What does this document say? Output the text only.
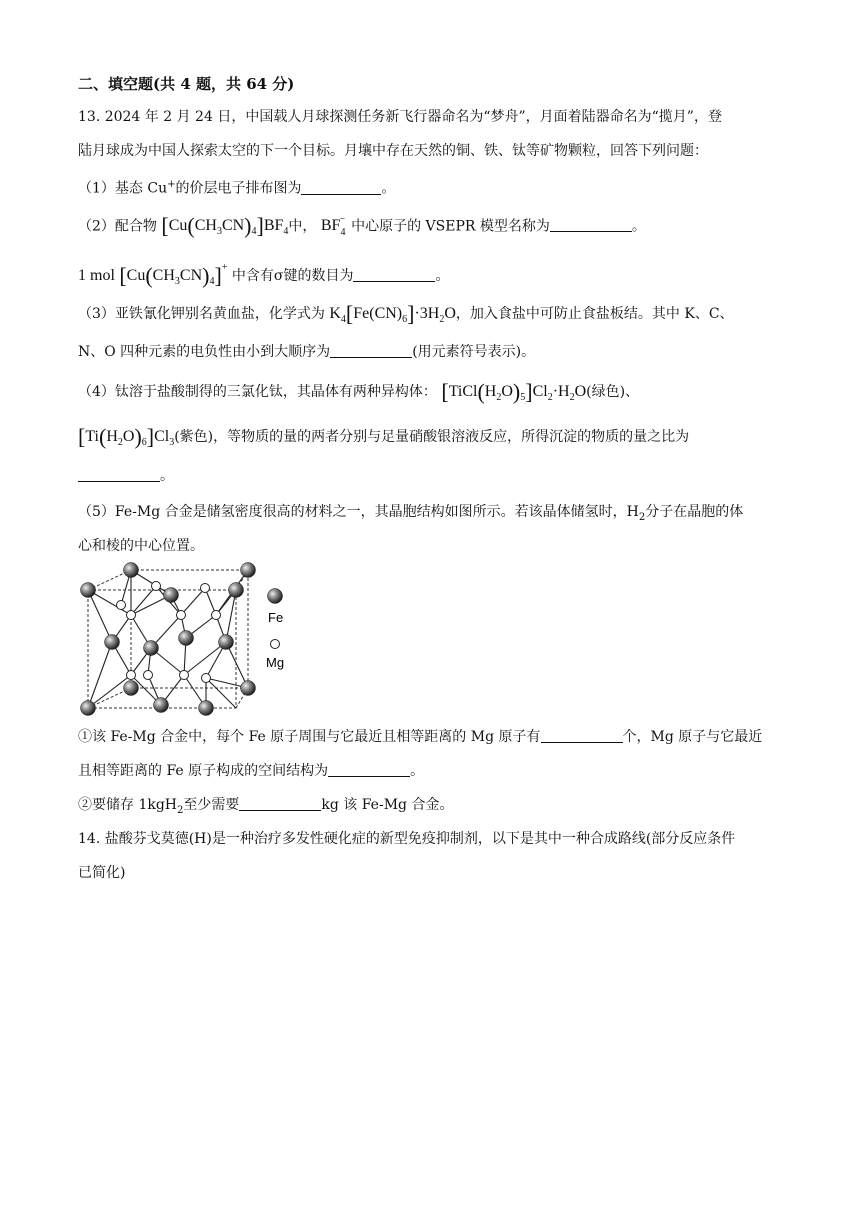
二、填空题(共 4 题，共 64 分)
13. 2024 年 2 月 24 日，中国载人月球探测任务新飞行器命名为“梦舟”，月面着陆器命名为“揽月”，登
陆月球成为中国人探索太空的下一个目标。月壤中存在天然的铜、铁、钛等矿物颗粒，回答下列问题：
（1）基态 Cu+的价层电子排布图为	。
（2）配合物 $[Cu(CH_3CN)_4]BF_4$中， $BF_4^-$ 中心原子的 VSEPR 模型名称为	。
1 mol $[Cu(CH_3CN)_4]^+$ 中含有σ键的数目为	。
（3）亚铁氰化钾别名黄血盐，化学式为 $K_4[Fe(CN)_6]\cdot 3H_2O$，加入食盐中可防止食盐板结。其中 K、C、
N、O 四种元素的电负性由小到大顺序为	(用元素符号表示)。
（4）钛溶于盐酸制得的三氯化钛，其晶体有两种异构体： $[TiCl(H_2O)_5]Cl_2\cdot H_2O$(绿色)、
$[Ti(H_2O)_6]Cl_3$(紫色)，等物质的量的两者分别与足量硝酸银溶液反应，所得沉淀的物质的量之比为
。
（5）Fe-Mg 合金是储氢密度很高的材料之一，其晶胞结构如图所示。若该晶体储氢时，$H_2$分子在晶胞的体
心和棱的中心位置。
Fe
Mg
①该 Fe-Mg 合金中，每个 Fe 原子周围与它最近且相等距离的 Mg 原子有	个，Mg 原子与它最近
且相等距离的 Fe 原子构成的空间结构为	。
②要储存 1kgH$_2$至少需要	kg 该 Fe-Mg 合金。
14. 盐酸芬戈莫德(H)是一种治疗多发性硬化症的新型免疫抑制剂，以下是其中一种合成路线(部分反应条件
已简化)
